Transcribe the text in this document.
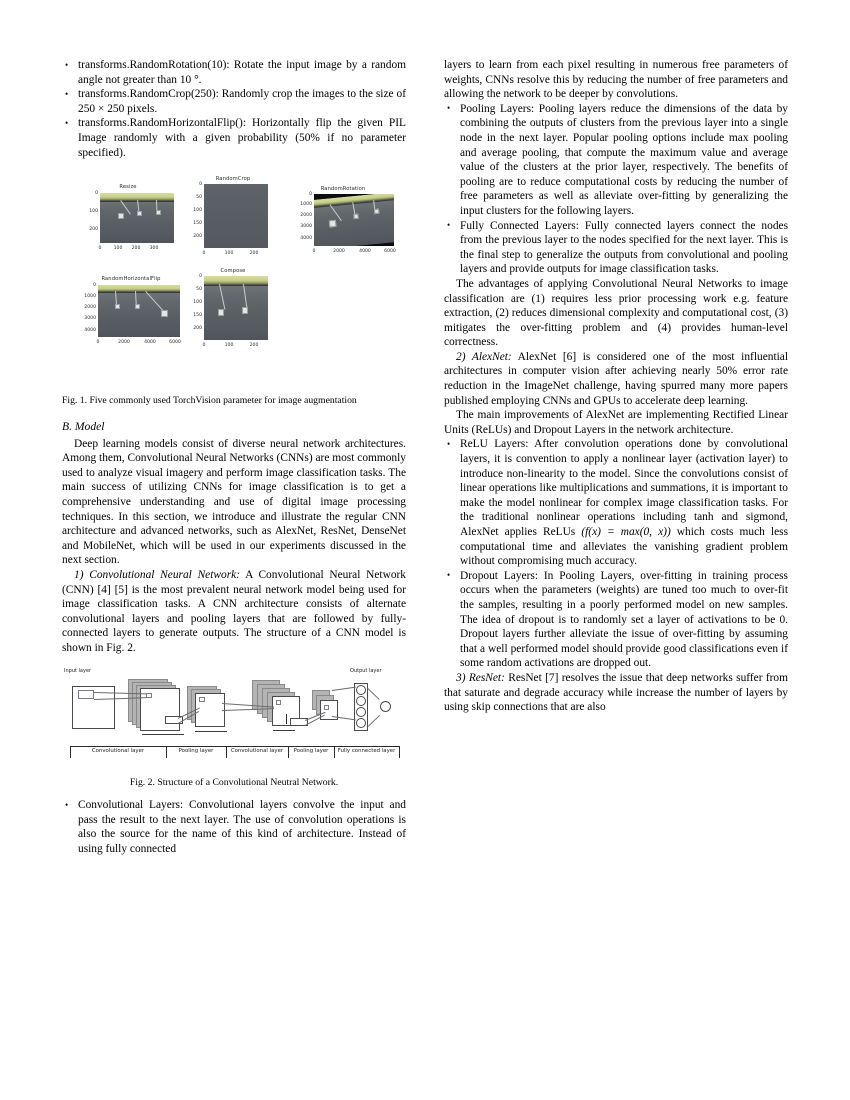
• transforms.RandomRotation(10): Rotate the input image by a random angle not greater than 10 °.
• transforms.RandomCrop(250): Randomly crop the images to the size of 250 × 250 pixels.
• transforms.RandomHorizontalFlip(): Horizontally flip the given PIL Image randomly with a given probability (50% if no parameter specified).
Resize
0
100
200
0	100	200	300
RandomCrop
0
50
100
150
200
0	100	200
RandomRotation
0
1000
2000
3000
4000
0	2000	4000	6000
RandomHorizontalFlip
0
1000
2000
3000
4000
0	2000	4000	6000
Compose
0
50
100
150
200
0	100	200
Fig. 1. Five commonly used TorchVision parameter for image augmentation
B. Model

Deep learning models consist of diverse neural network architectures. Among them, Convolutional Neural Networks (CNNs) are most commonly used to analyze visual imagery and perform image classification tasks. The main success of utilizing CNNs for image classification is to get a comprehensive understanding and use of digital image processing techniques. In this section, we introduce and illustrate the regular CNN architecture and advanced networks, such as AlexNet, ResNet, DenseNet and MobileNet, which will be used in our experiments discussed in the next section.

1) Convolutional Neural Network: A Convolutional Neural Network (CNN) [4] [5] is the most prevalent neural network model being used for image classification tasks. A CNN architecture consists of alternate convolutional layers and pooling layers that are followed by fully-connected layers to generate outputs. The structure of a CNN model is shown in Fig. 2.

Input layer	Output layer
Convolutional layer	Pooling layer	Convolutional layer	Pooling layer	Fully connected layer
Fig. 2. Structure of a Convolutional Neutral Network.
• Convolutional Layers: Convolutional layers convolve the input and pass the result to the next layer. The use of convolution operations is also the source for the name of this kind of architecture. Instead of using fully connected

layers to learn from each pixel resulting in numerous free parameters of weights, CNNs resolve this by reducing the number of free parameters and allowing the network to be deeper by convolutions.

• Pooling Layers: Pooling layers reduce the dimensions of the data by combining the outputs of clusters from the previous layer into a single node in the next layer. Popular pooling options include max pooling and average pooling, that compute the maximum value and average value of the clusters at the prior layer, respectively. The benefits of pooling are to reduce computational costs by reducing the number of free parameters as well as alleviate over-fitting by generalizing the input clusters for the following layers.
• Fully Connected Layers: Fully connected layers connect the nodes from the previous layer to the nodes specified for the next layer. This is the final step to generalize the outputs from convolutional and pooling layers and provide outputs for image classification tasks.

The advantages of applying Convolutional Neural Networks to image classification are (1) requires less prior processing work e.g. feature extraction, (2) reduces dimensional complexity and computational cost, (3) mitigates the over-fitting problem and (4) provides human-level correctness.

2) AlexNet: AlexNet [6] is considered one of the most influential architectures in computer vision after achieving nearly 50% error rate reduction in the ImageNet challenge, having spurred many more papers published employing CNNs and GPUs to accelerate deep learning.

The main improvements of AlexNet are implementing Rectified Linear Units (ReLUs) and Dropout Layers in the network architecture.

• ReLU Layers: After convolution operations done by convolutional layers, it is convention to apply a nonlinear layer (activation layer) to introduce non-linearity to the model. Since the convolutions consist of linear operations like multiplications and summations, it is important to make the model nonlinear for complex image classification tasks. For the traditional nonlinear operations including tanh and sigmond, AlexNet applies ReLUs (f(x) = max(0, x)) which costs much less computational time and alleviates the vanishing gradient problem without compromising much accuracy.
• Dropout Layers: In Pooling Layers, over-fitting in training process occurs when the parameters (weights) are tuned too much to over-fit the samples, resulting in a poorly performed model on new samples. The idea of dropout is to randomly set a layer of activations to be 0. Dropout layers further alleviate the issue of over-fitting by assuming that a well performed model should provide good classifications even if some random activations are dropped out.

3) ResNet: ResNet [7] resolves the issue that deep networks suffer from that saturate and degrade accuracy while increase the number of layers by using skip connections that are also
